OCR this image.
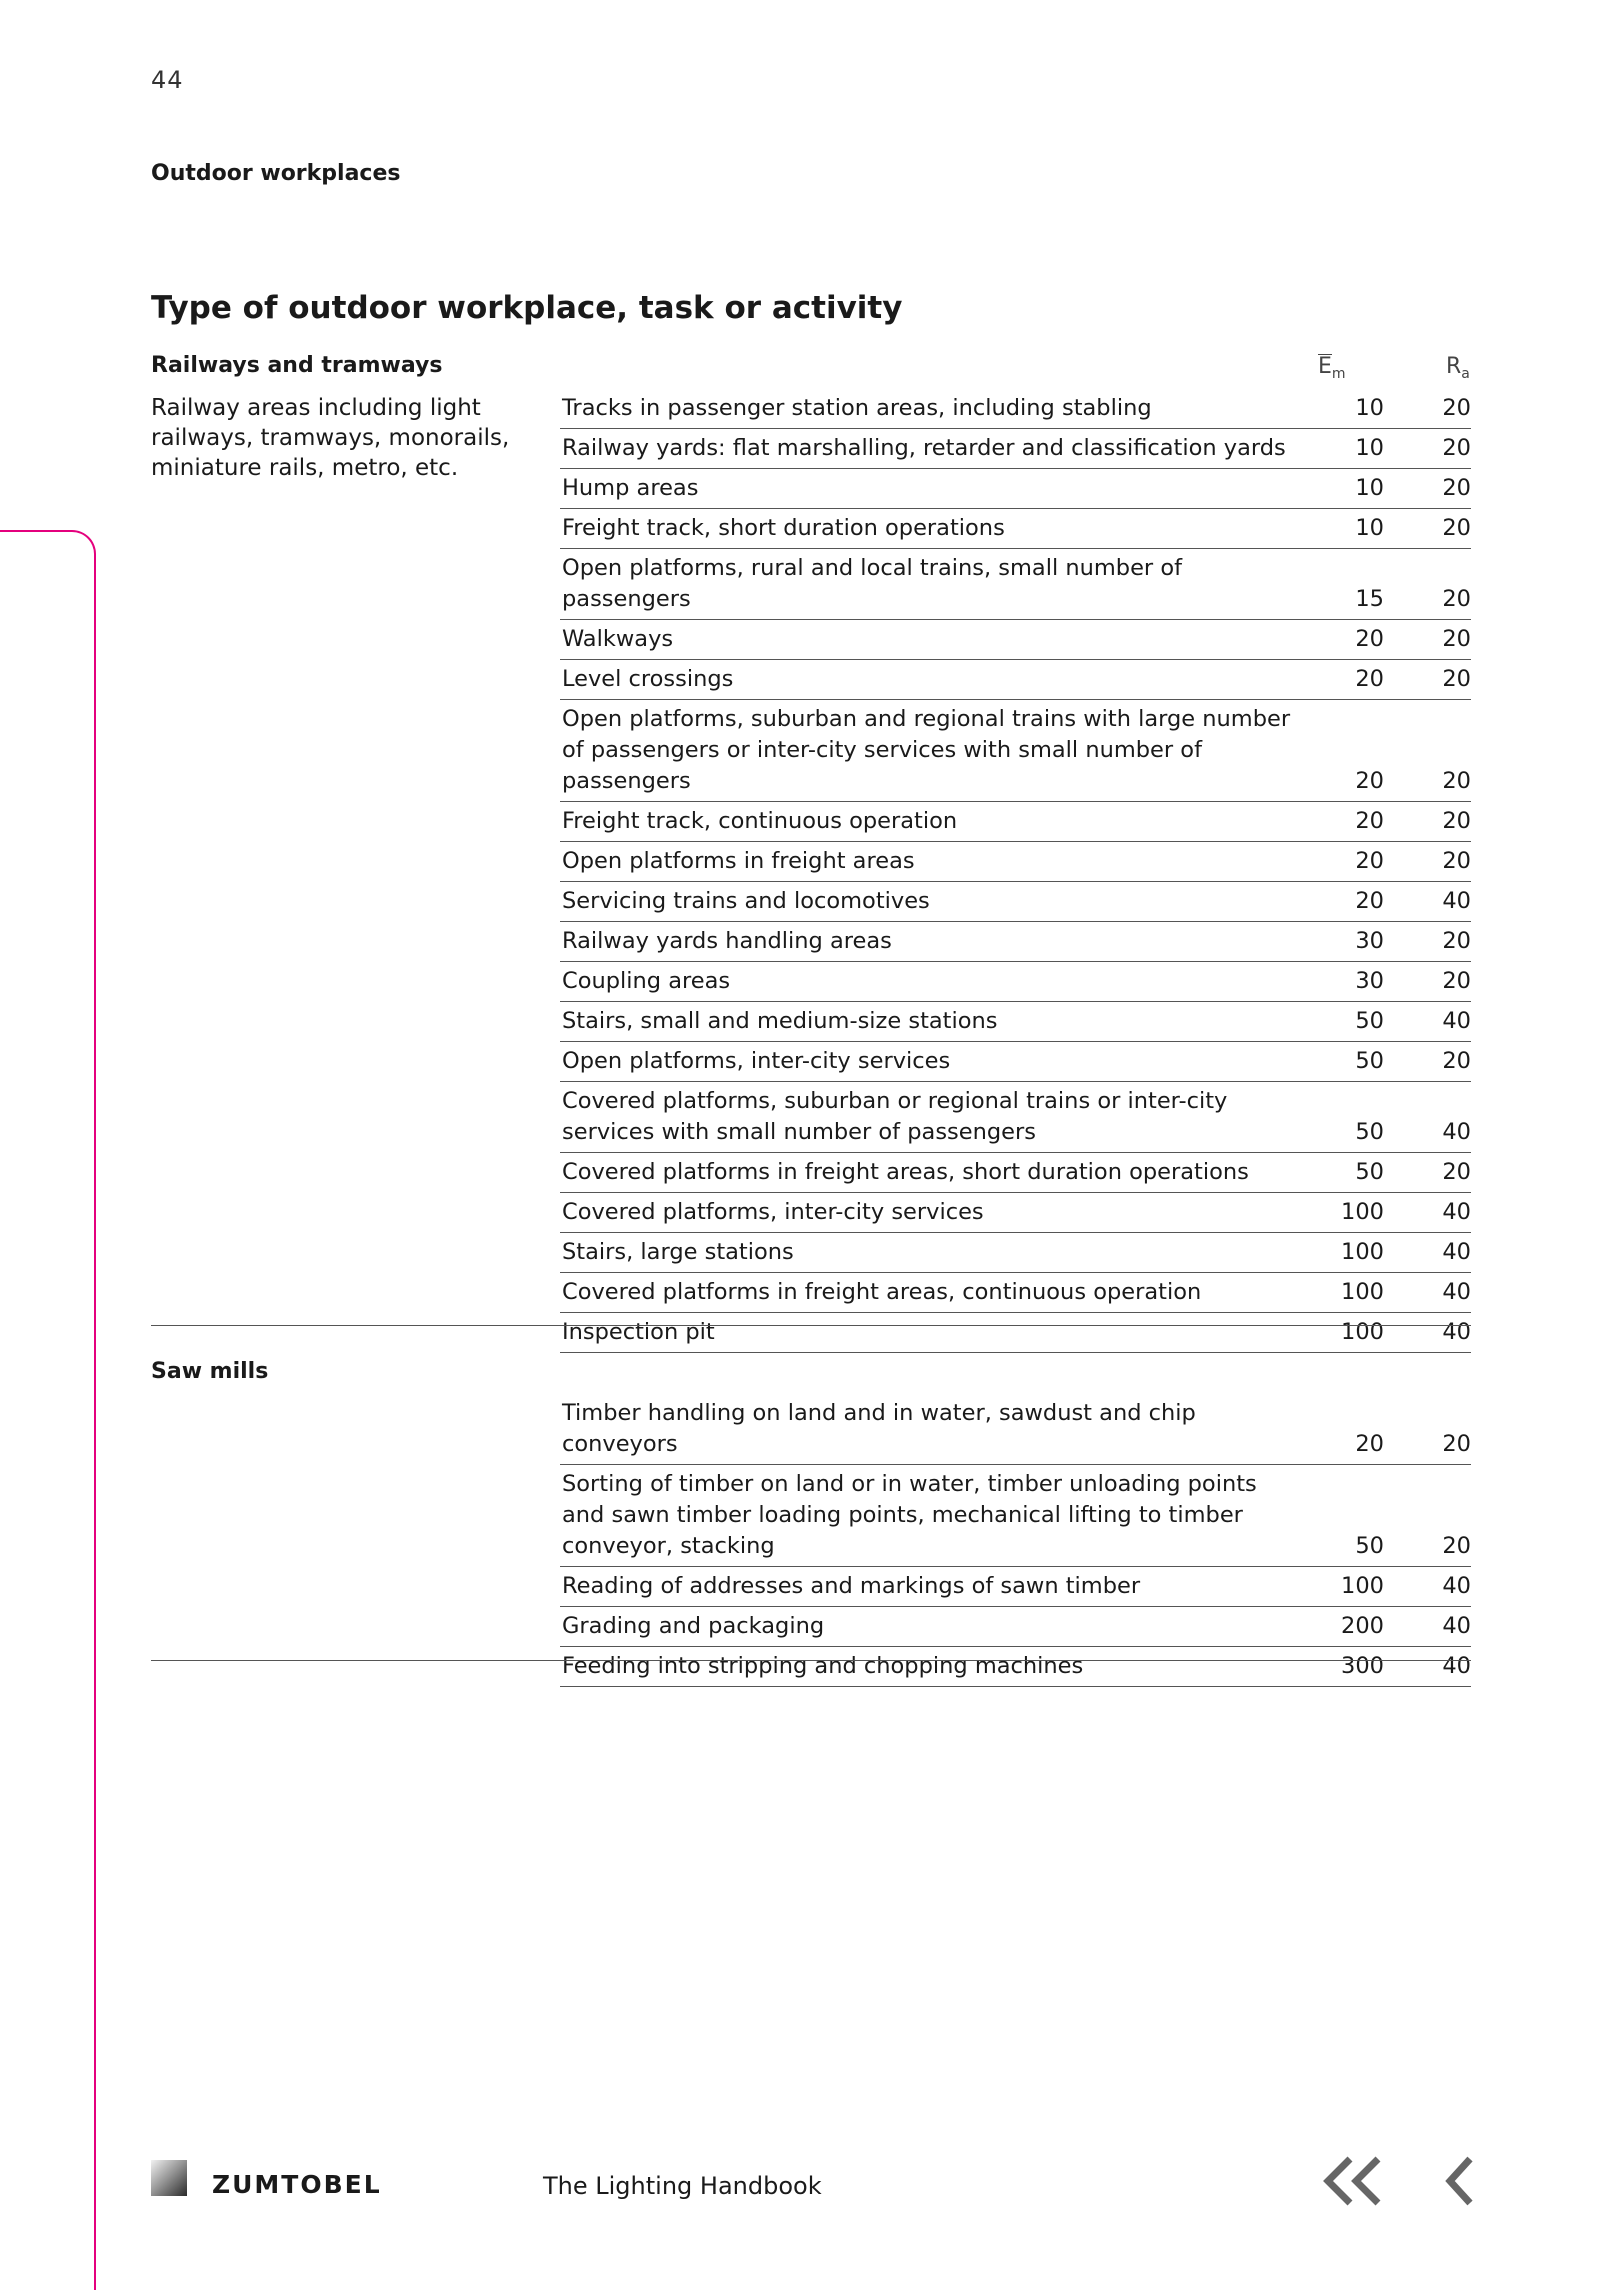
44
Outdoor workplaces
Type of outdoor workplace, task or activity
Railways and tramways	$E_m$	$R_a$
Railway areas including light railways, tramways, monorails, miniature rails, metro, etc.
Tracks in passenger station areas, including stabling	10	20
Railway yards: flat marshalling, retarder and classification yards	10	20
Hump areas	10	20
Freight track, short duration operations	10	20
Open platforms, rural and local trains, small number of passengers	15	20
Walkways	20	20
Level crossings	20	20
Open platforms, suburban and regional trains with large number of passengers or inter-city services with small number of passengers	20	20
Freight track, continuous operation	20	20
Open platforms in freight areas	20	20
Servicing trains and locomotives	20	40
Railway yards handling areas	30	20
Coupling areas	30	20
Stairs, small and medium-size stations	50	40
Open platforms, inter-city services	50	20
Covered platforms, suburban or regional trains or inter-city services with small number of passengers	50	40
Covered platforms in freight areas, short duration operations	50	20
Covered platforms, inter-city services	100	40
Stairs, large stations	100	40
Covered platforms in freight areas, continuous operation	100	40
Inspection pit	100	40
Saw mills
Timber handling on land and in water, sawdust and chip conveyors	20	20
Sorting of timber on land or in water, timber unloading points and sawn timber loading points, mechanical lifting to timber conveyor, stacking	50	20
Reading of addresses and markings of sawn timber	100	40
Grading and packaging	200	40
Feeding into stripping and chopping machines	300	40
ZUMTOBEL	The Lighting Handbook
